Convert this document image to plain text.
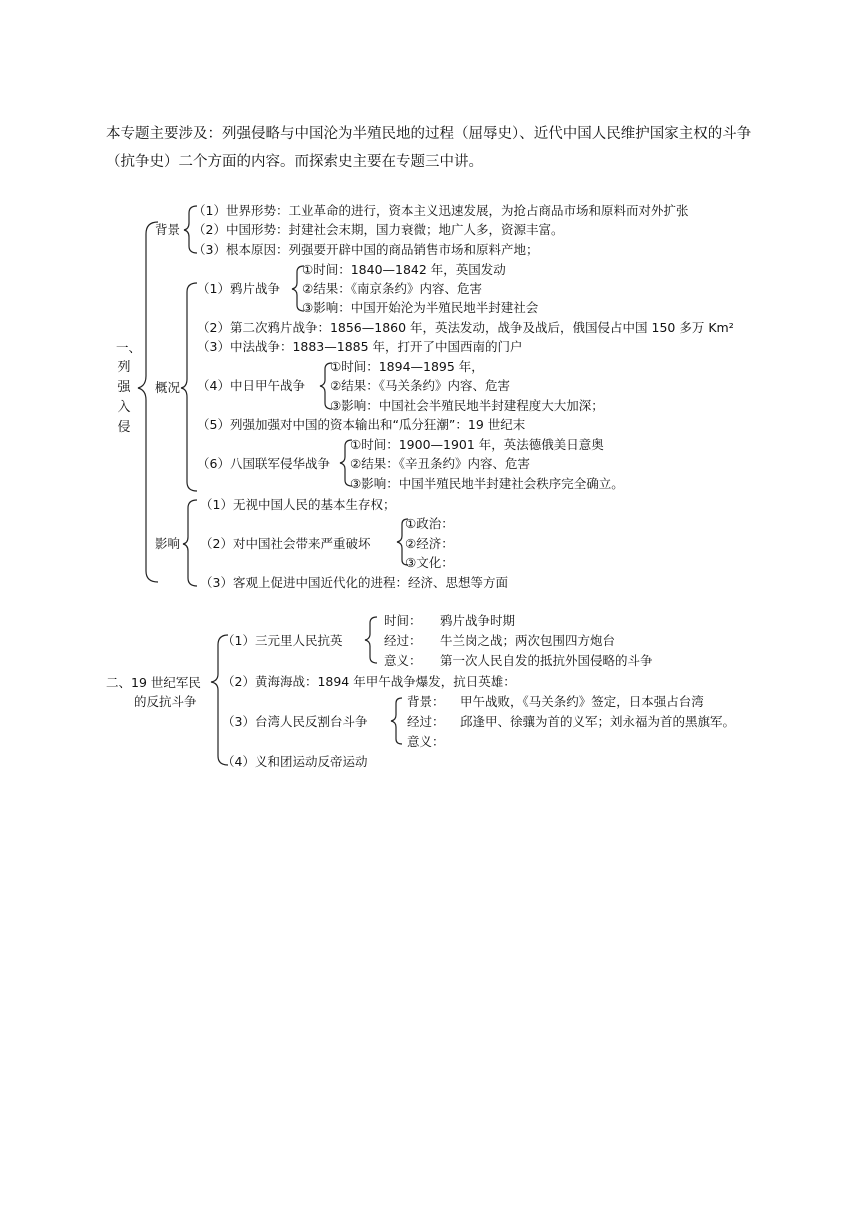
本专题主要涉及：列强侵略与中国沦为半殖民地的过程（屈辱史）、近代中国人民维护国家主权的斗争（抗争史）二个方面的内容。而探索史主要在专题三中讲。
一、
列
强
入
侵
背景
（1）世界形势：工业革命的进行，资本主义迅速发展，为抢占商品市场和原料而对外扩张
（2）中国形势：封建社会末期，国力衰微；地广人多，资源丰富。
（3）根本原因：列强要开辟中国的商品销售市场和原料产地；
概况
（1）鸦片战争
①时间：1840—1842 年，英国发动
②结果：《南京条约》内容、危害
③影响：中国开始沦为半殖民地半封建社会
（2）第二次鸦片战争：1856—1860 年，英法发动，战争及战后，俄国侵占中国 150 多万 Km²
（3）中法战争：1883—1885 年，打开了中国西南的门户
（4）中日甲午战争
①时间：1894—1895 年，
②结果：《马关条约》内容、危害
③影响：中国社会半殖民地半封建程度大大加深；
（5）列强加强对中国的资本输出和“瓜分狂潮”：19 世纪末
（6）八国联军侵华战争
①时间：1900—1901 年，英法德俄美日意奥
②结果：《辛丑条约》内容、危害
③影响：中国半殖民地半封建社会秩序完全确立。
影响
（1）无视中国人民的基本生存权；
（2）对中国社会带来严重破坏
①政治：
②经济：
③文化：
（3）客观上促进中国近代化的进程：经济、思想等方面
二、19 世纪军民
的反抗斗争
（1）三元里人民抗英
时间： 鸦片战争时期
经过： 牛兰岗之战；两次包围四方炮台
意义： 第一次人民自发的抵抗外国侵略的斗争
（2）黄海海战：1894 年甲午战争爆发，抗日英雄：
（3）台湾人民反割台斗争
背景： 甲午战败，《马关条约》签定，日本强占台湾
经过： 邱逢甲、徐骧为首的义军；刘永福为首的黑旗军。
意义：
（4）义和团运动反帝运动
